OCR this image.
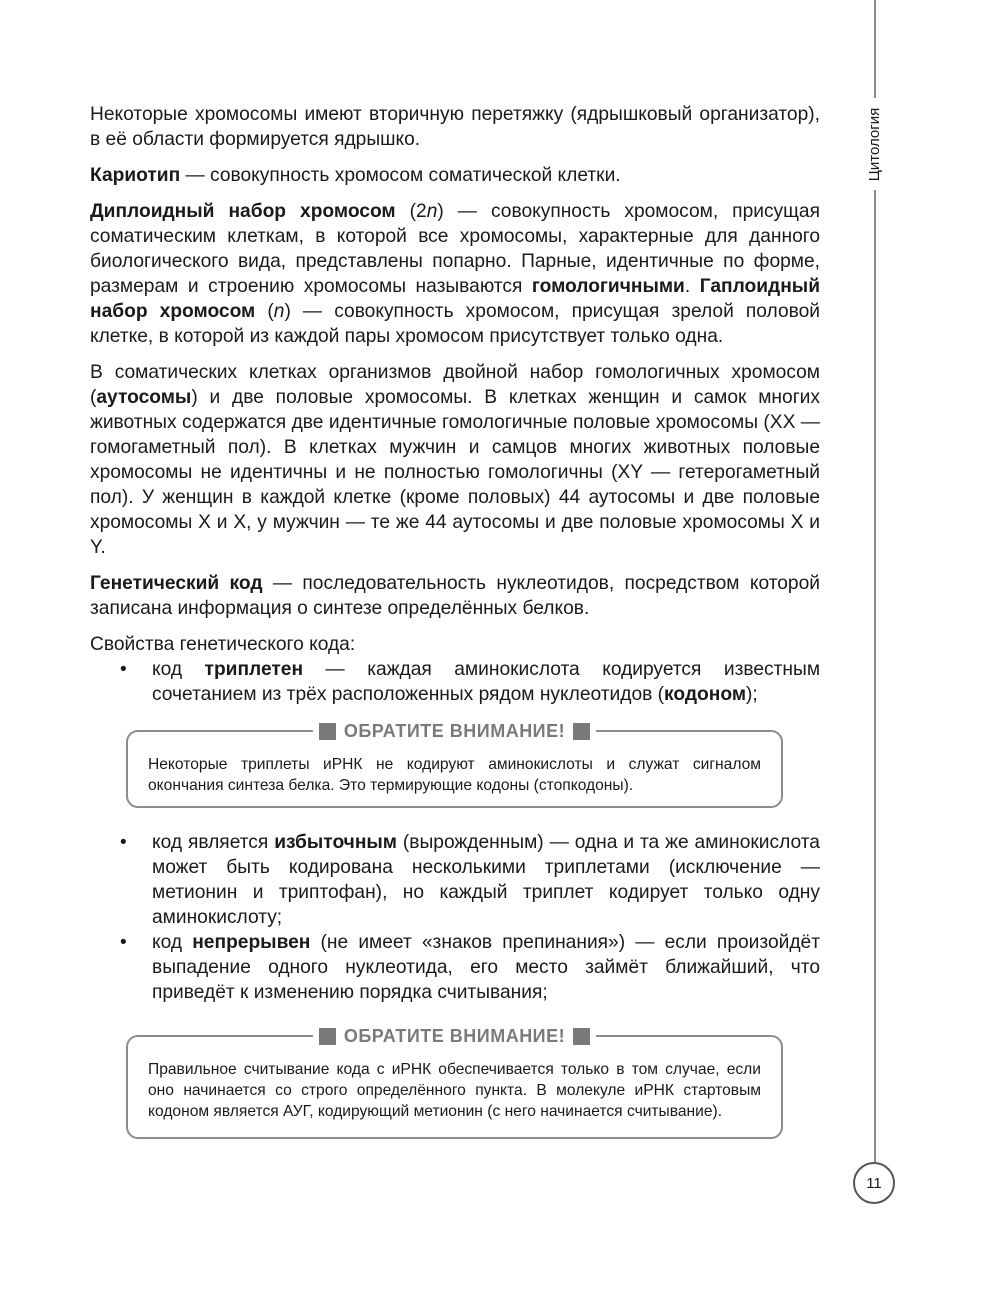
Цитология

Некоторые хромосомы имеют вторичную перетяжку (ядрышковый организатор), в её области формируется ядрышко.

Кариотип — совокупность хромосом соматической клетки.

Диплоидный набор хромосом (2n) — совокупность хромосом, присущая соматическим клеткам, в которой все хромосомы, характерные для данного биологического вида, представлены попарно. Парные, идентичные по форме, размерам и строению хромосомы называются гомологичными. Гаплоидный набор хромосом (n) — совокупность хромосом, присущая зрелой половой клетке, в которой из каждой пары хромосом присутствует только одна.

В соматических клетках организмов двойной набор гомологичных хромосом (аутосомы) и две половые хромосомы. В клетках женщин и самок многих животных содержатся две идентичные гомологичные половые хромосомы (XX — гомогаметный пол). В клетках мужчин и самцов многих животных половые хромосомы не идентичны и не полностью гомологичны (XY — гетерогаметный пол). У женщин в каждой клетке (кроме половых) 44 аутосомы и две половые хромосомы X и X, у мужчин — те же 44 аутосомы и две половые хромосомы X и Y.

Генетический код — последовательность нуклеотидов, посредством которой записана информация о синтезе определённых белков.

Свойства генетического кода:

• код триплетен — каждая аминокислота кодируется известным сочетанием из трёх расположенных рядом нуклеотидов (кодоном);

ОБРАТИТЕ ВНИМАНИЕ!
Некоторые триплеты иРНК не кодируют аминокислоты и служат сигналом окончания синтеза белка. Это термирующие кодоны (стопкодоны).

• код является избыточным (вырожденным) — одна и та же аминокислота может быть кодирована несколькими триплетами (исключение — метионин и триптофан), но каждый триплет кодирует только одну аминокислоту;

• код непрерывен (не имеет «знаков препинания») — если произойдёт выпадение одного нуклеотида, его место займёт ближайший, что приведёт к изменению порядка считывания;

ОБРАТИТЕ ВНИМАНИЕ!
Правильное считывание кода с иРНК обеспечивается только в том случае, если оно начинается со строго определённого пункта. В молекуле иРНК стартовым кодоном является АУГ, кодирующий метионин (с него начинается считывание).
11
